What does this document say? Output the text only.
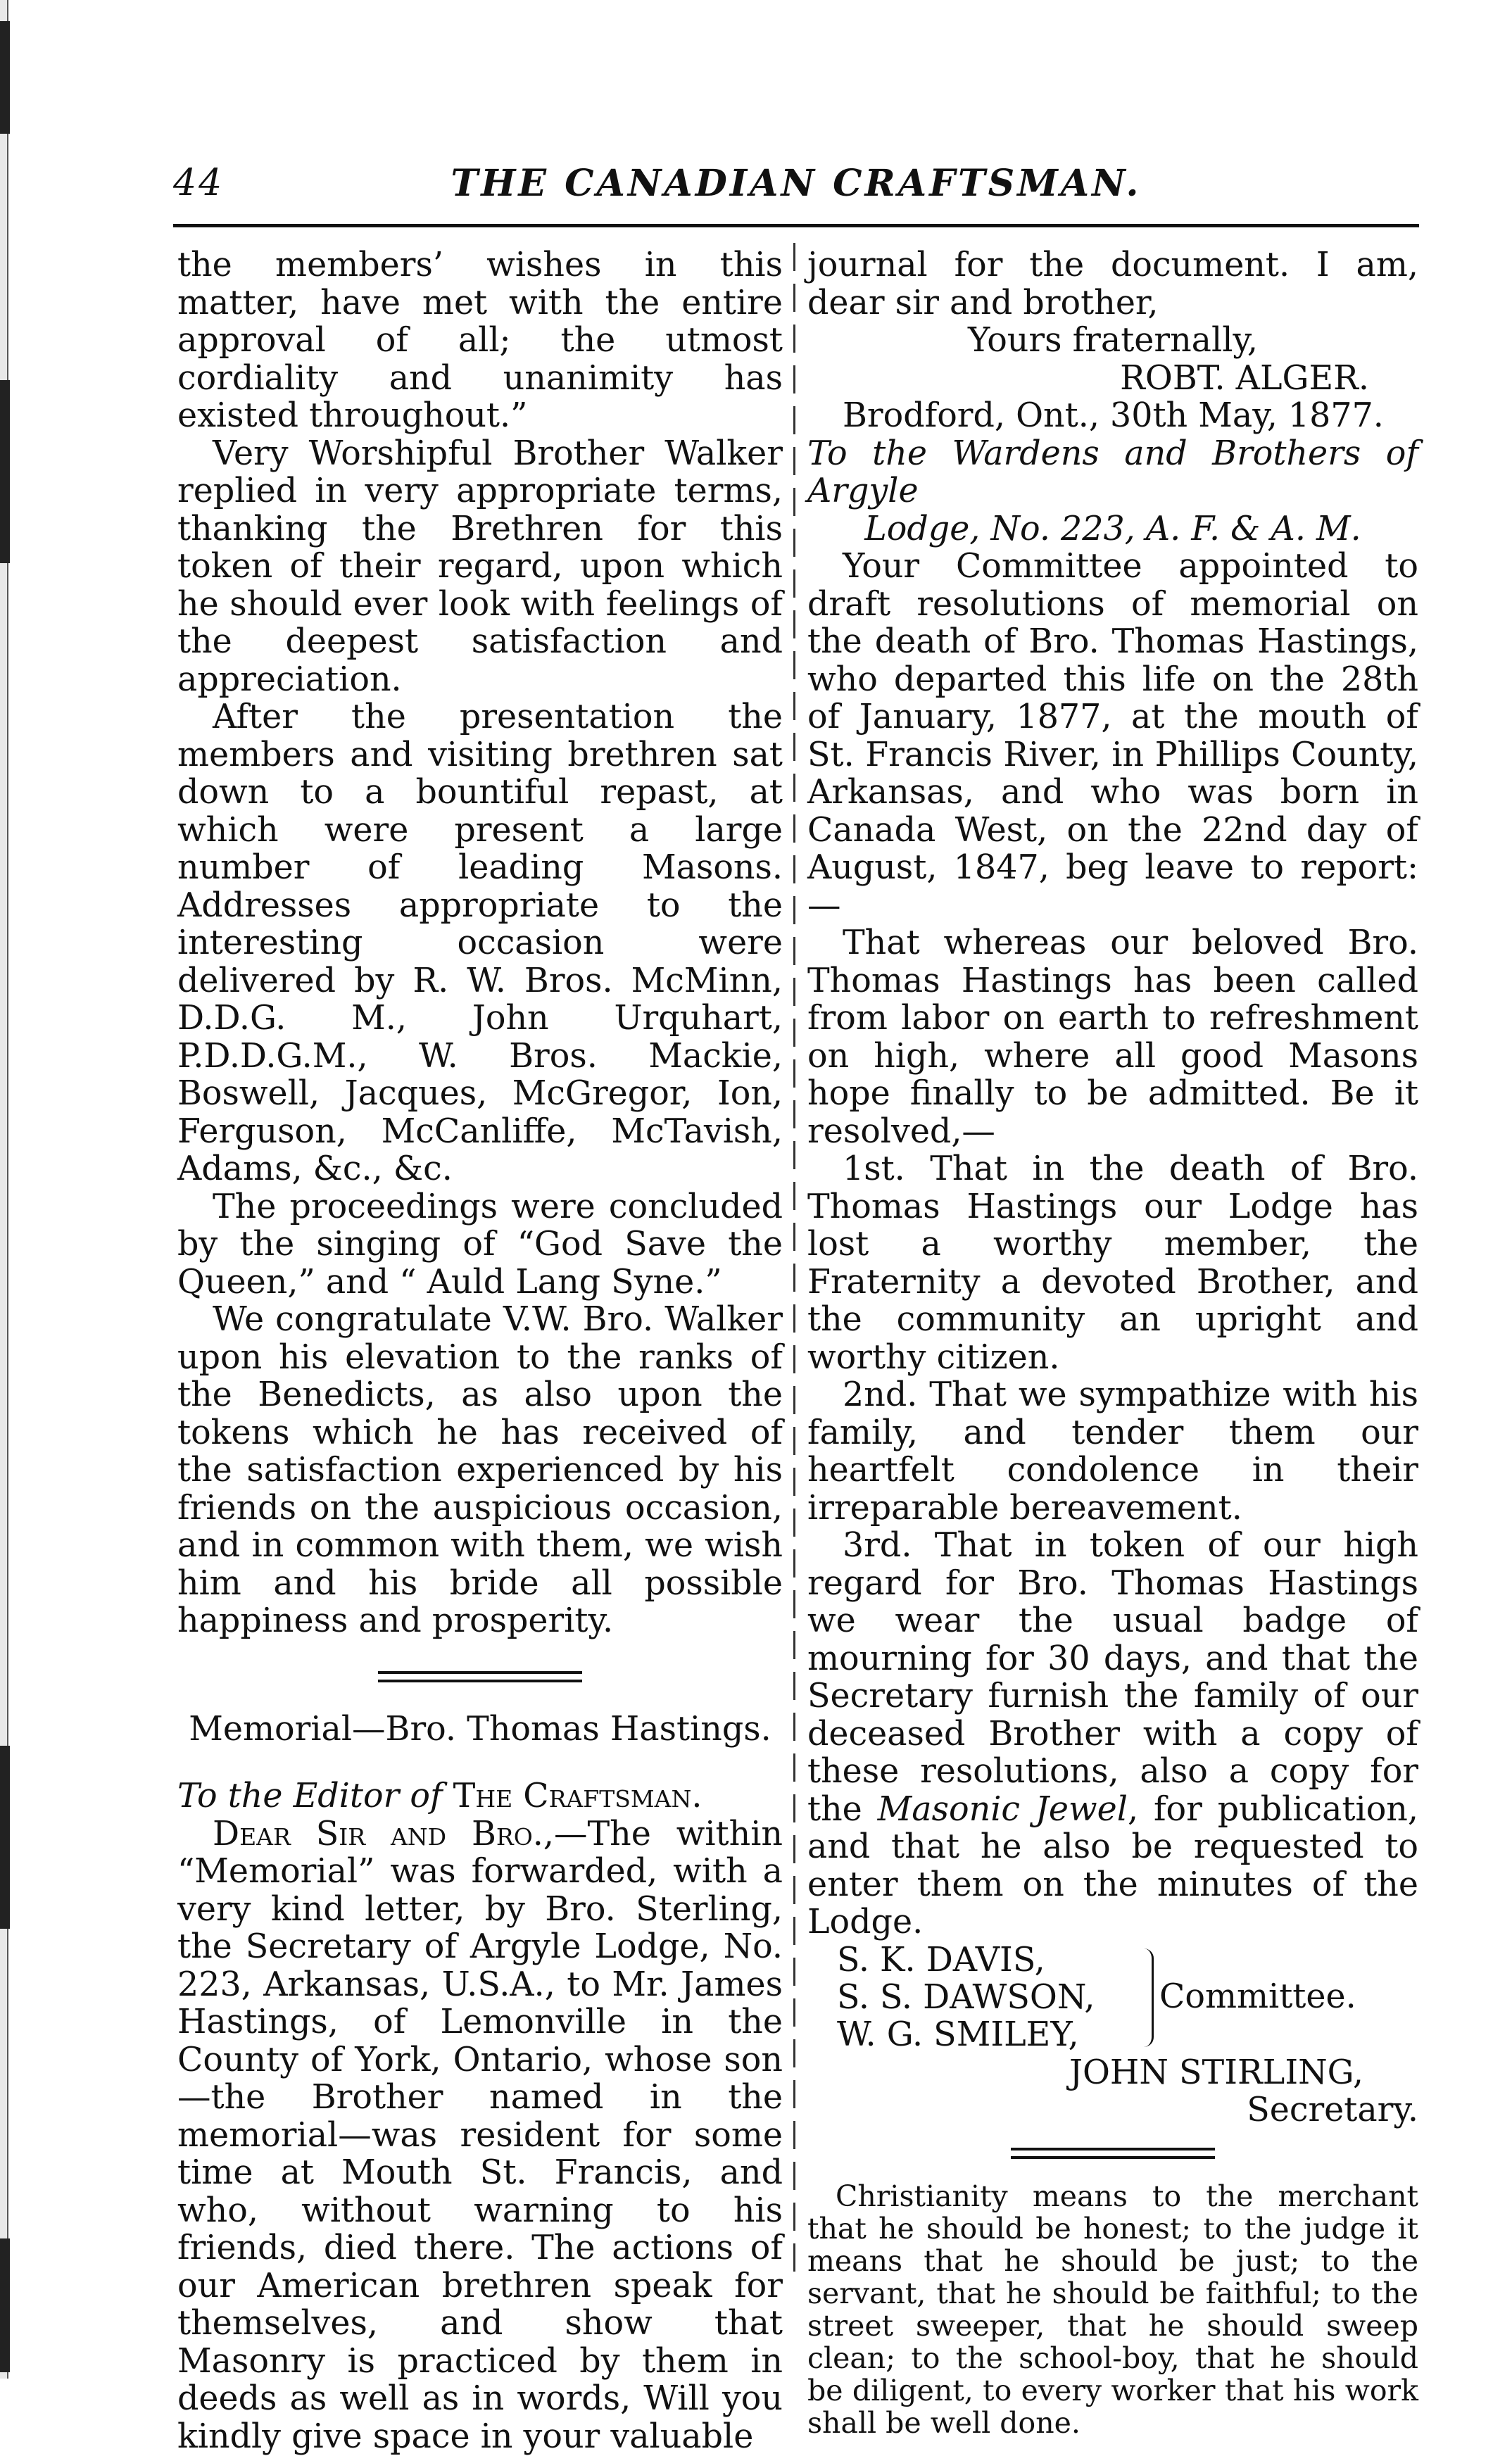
44	THE CANADIAN CRAFTSMAN.

the members’ wishes in this matter, have met with the entire approval of all; the utmost cordiality and unanimity has existed throughout.”

Very Worshipful Brother Walker replied in very appropriate terms, thanking the Brethren for this token of their regard, upon which he should ever look with feelings of the deepest satisfaction and appreciation.

After the presentation the members and visiting brethren sat down to a bountiful repast, at which were present a large number of leading Masons. Addresses appropriate to the interesting occasion were delivered by R. W. Bros. McMinn, D.D.G. M., John Urquhart, P.D.D.G.M., W. Bros. Mackie, Boswell, Jacques, McGregor, Ion, Ferguson, McCanliffe, McTavish, Adams, &c., &c.

The proceedings were concluded by the singing of “God Save the Queen,” and “ Auld Lang Syne.”

We congratulate V.W. Bro. Walker upon his elevation to the ranks of the Benedicts, as also upon the tokens which he has received of the satisfaction experienced by his friends on the auspicious occasion, and in common with them, we wish him and his bride all possible happiness and prosperity.

Memorial—Bro. Thomas Hastings.

To the Editor of The Craftsman.

Dear Sir and Bro.,—The within “Memorial” was forwarded, with a very kind letter, by Bro. Sterling, the Secretary of Argyle Lodge, No. 223, Arkansas, U.S.A., to Mr. James Hastings, of Lemonville in the County of York, Ontario, whose son—the Brother named in the memorial—was resident for some time at Mouth St. Francis, and who, without warning to his friends, died there. The actions of our American brethren speak for themselves, and show that Masonry is practiced by them in deeds as well as in words, Will you kindly give space in your valuable

journal for the document. I am, dear sir and brother,

Yours fraternally,

ROBT. ALGER.

Brodford, Ont., 30th May, 1877.

To the Wardens and Brothers of Argyle

Lodge, No. 223, A. F. & A. M.

Your Committee appointed to draft resolutions of memorial on the death of Bro. Thomas Hastings, who departed this life on the 28th of January, 1877, at the mouth of St. Francis River, in Phillips County, Arkansas, and who was born in Canada West, on the 22nd day of August, 1847, beg leave to report:—

That whereas our beloved Bro. Thomas Hastings has been called from labor on earth to refreshment on high, where all good Masons hope finally to be admitted. Be it resolved,—

1st. That in the death of Bro. Thomas Hastings our Lodge has lost a worthy member, the Fraternity a devoted Brother, and the community an upright and worthy citizen.

2nd. That we sympathize with his family, and tender them our heartfelt condolence in their irreparable bereavement.

3rd. That in token of our high regard for Bro. Thomas Hastings we wear the usual badge of mourning for 30 days, and that the Secretary furnish the family of our deceased Brother with a copy of these resolutions, also a copy for the Masonic Jewel, for publication, and that he also be requested to enter them on the minutes of the Lodge.

S. K. DAVIS,
S. S. DAWSON,
W. G. SMILEY,
Committee.

JOHN STIRLING,

Secretary.

Christianity means to the merchant that he should be honest; to the judge it means that he should be just; to the servant, that he should be faithful; to the street sweeper, that he should sweep clean; to the school-boy, that he should be diligent, to every worker that his work shall be well done.
